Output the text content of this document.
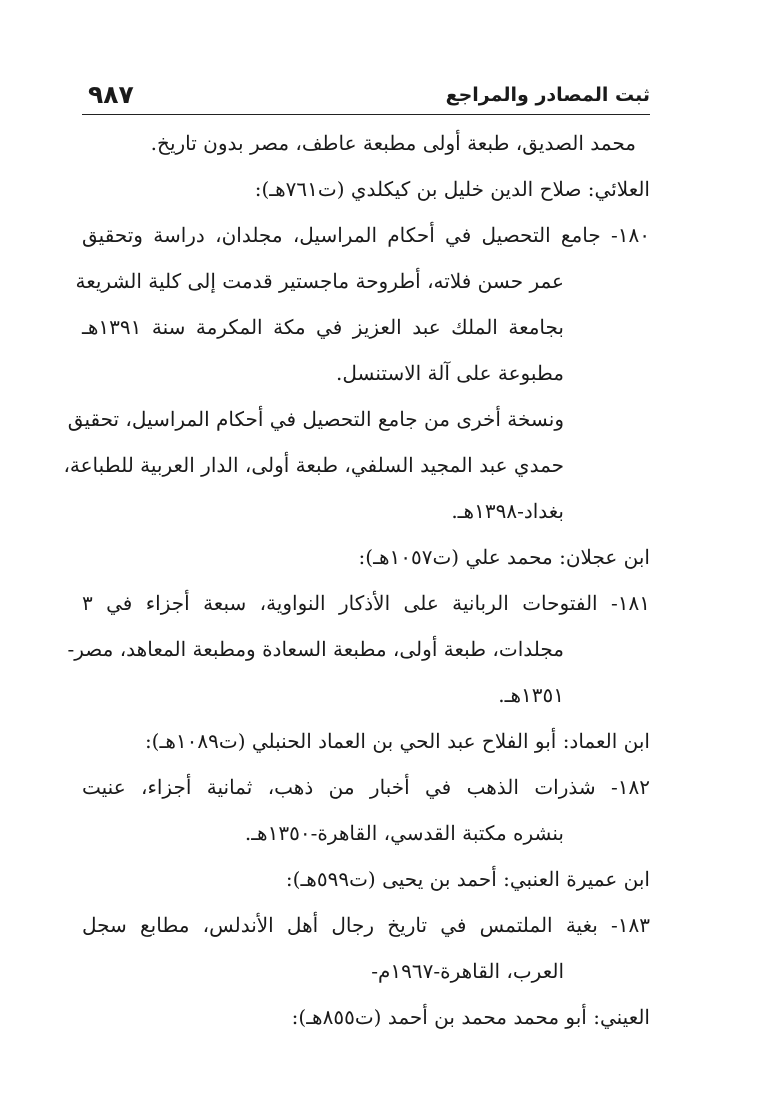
٩٨٧	ثبت المصادر والمراجع
محمد الصديق، طبعة أولى مطبعة عاطف، مصر بدون تاريخ.
العلائي: صلاح الدين خليل بن كيكلدي (ت٧٦١هـ):
١٨٠- جامع التحصيل في أحكام المراسيل، مجلدان، دراسة وتحقيق
عمر حسن فلاته، أطروحة ماجستير قدمت إلى كلية الشريعة
بجامعة الملك عبد العزيز في مكة المكرمة سنة ١٣٩١هـ
مطبوعة على آلة الاستنسل.
ونسخة أخرى من جامع التحصيل في أحكام المراسيل، تحقيق
حمدي عبد المجيد السلفي، طبعة أولى، الدار العربية للطباعة،
بغداد-١٣٩٨هـ.
ابن عجلان: محمد علي (ت١٠٥٧هـ):
١٨١- الفتوحات الربانية على الأذكار النواوية، سبعة أجزاء في ٣
مجلدات، طبعة أولى، مطبعة السعادة ومطبعة المعاهد، مصر-
١٣٥١هـ.
ابن العماد: أبو الفلاح عبد الحي بن العماد الحنبلي (ت١٠٨٩هـ):
١٨٢- شذرات الذهب في أخبار من ذهب، ثمانية أجزاء، عنيت
بنشره مكتبة القدسي، القاهرة-١٣٥٠هـ.
ابن عميرة العنبي: أحمد بن يحيى (ت٥٩٩هـ):
١٨٣- بغية الملتمس في تاريخ رجال أهل الأندلس، مطابع سجل
العرب، القاهرة-١٩٦٧م-
العيني: أبو محمد محمد بن أحمد (ت٨٥٥هـ):
